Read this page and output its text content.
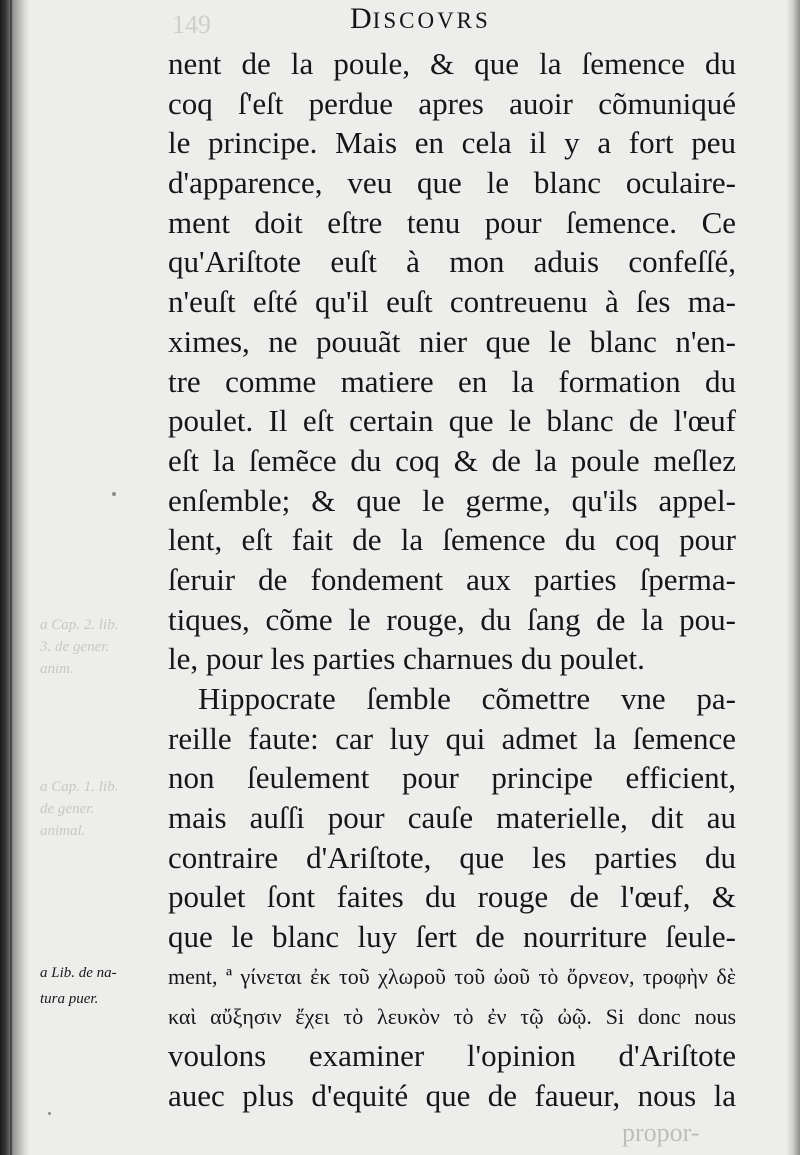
149	DISCOVRS
nent de la poule, & que la ſemence du
coq ſ'eſt perdue apres auoir cõmuniqué
le principe. Mais en cela il y a fort peu
d'apparence, veu que le blanc oculaire-
ment doit eſtre tenu pour ſemence. Ce
qu'Ariſtote euſt à mon aduis confeſſé,
n'euſt eſté qu'il euſt contreuenu à ſes ma-
ximes, ne pouuãt nier que le blanc n'en-
tre comme matiere en la formation du
poulet. Il eſt certain que le blanc de l'œuf
eſt la ſemẽce du coq & de la poule meſlez
enſemble; & que le germe, qu'ils appel-
lent, eſt fait de la ſemence du coq pour
ſeruir de fondement aux parties ſperma-
tiques, cõme le rouge, du ſang de la pou-
le, pour les parties charnues du poulet.
Hippocrate ſemble cõmettre vne pa-
reille faute: car luy qui admet la ſemence
non ſeulement pour principe efficient,
mais auſſi pour cauſe materielle, dit au
contraire d'Ariſtote, que les parties du
poulet ſont faites du rouge de l'œuf, &
que le blanc luy ſert de nourriture ſeule-
ment, ª γίνεται ἐκ τοῦ χλωροῦ τοῦ ὠοῦ τὸ ὄρνεον, τροφὴν δὲ
καὶ αὔξησιν ἔχει τὸ λευκὸν τὸ ἐν τῷ ὠῷ. Si donc nous
voulons examiner l'opinion d'Ariſtote
auec plus d'equité que de faueur, nous la
a Lib. de na-
tura puer.
a Cap. 2. lib.
3. de gener.
anim.
a Cap. 1. lib.
de gener.
animal.
propor-
